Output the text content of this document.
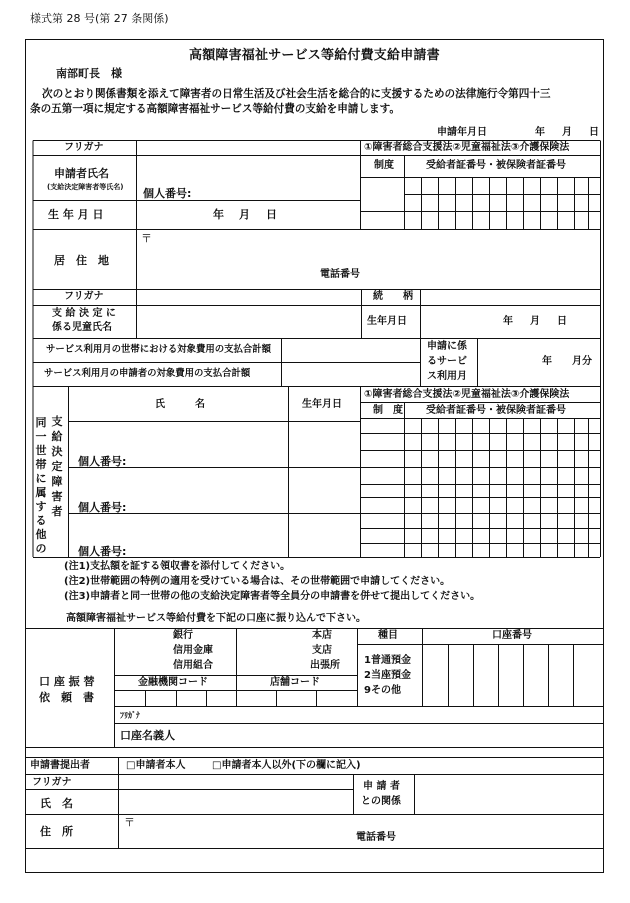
様式第 28 号(第 27 条関係)
高額障害福祉サービス等給付費支給申請書
南部町長　様
次のとおり関係書類を添えて障害者の日常生活及び社会生活を総合的に支援するための法律施行令第四十三
条の五第一項に規定する高額障害福祉サービス等給付費の支給を申請します。
申請年月日	年 月 日
フリガナ	①障害者総合支援法②児童福祉法③介護保険法
申請者氏名
(支給決定障害者等氏名) 個人番号:
制度	受給者証番号・被保険者証番号
生 年 月 日	年 月 日
〒
居　住　地
電話番号
フリガナ	続　　柄
支 給 決 定 に
係る児童氏名
生年月日	年 月 日
サービス利用月の世帯における対象費用の支払合計額
サービス利用月の申請者の対象費用の支払合計額
申請に係
るサービ
ス利用月
年　　月分
同一世帯に属する他の
支給決定障害者
氏　　　名	生年月日
①障害者総合支援法②児童福祉法③介護保険法
制　度 受給者証番号・被保険者証番号
個人番号:
個人番号:
個人番号:
(注1)支払額を証する領収書を添付してください。
(注2)世帯範囲の特例の適用を受けている場合は、その世帯範囲で申請してください。
(注3)申請者と同一世帯の他の支給決定障害者等全員分の申請書を併せて提出してください。
高額障害福祉サービス等給付費を下記の口座に振り込んで下さい。
口 座 振 替
依　頼　書
銀行
信用金庫
信用組合
本店
支店
出張所
種目	口座番号
1普通預金
2当座預金
9その他
金融機関コード	店舗コード
ﾌﾘｶﾞﾅ
口座名義人
申請書提出者	□申請者本人	□申請者本人以外(下の欄に記入)
フリガナ
氏　名
申 請 者
との関係
住　所
〒
電話番号
